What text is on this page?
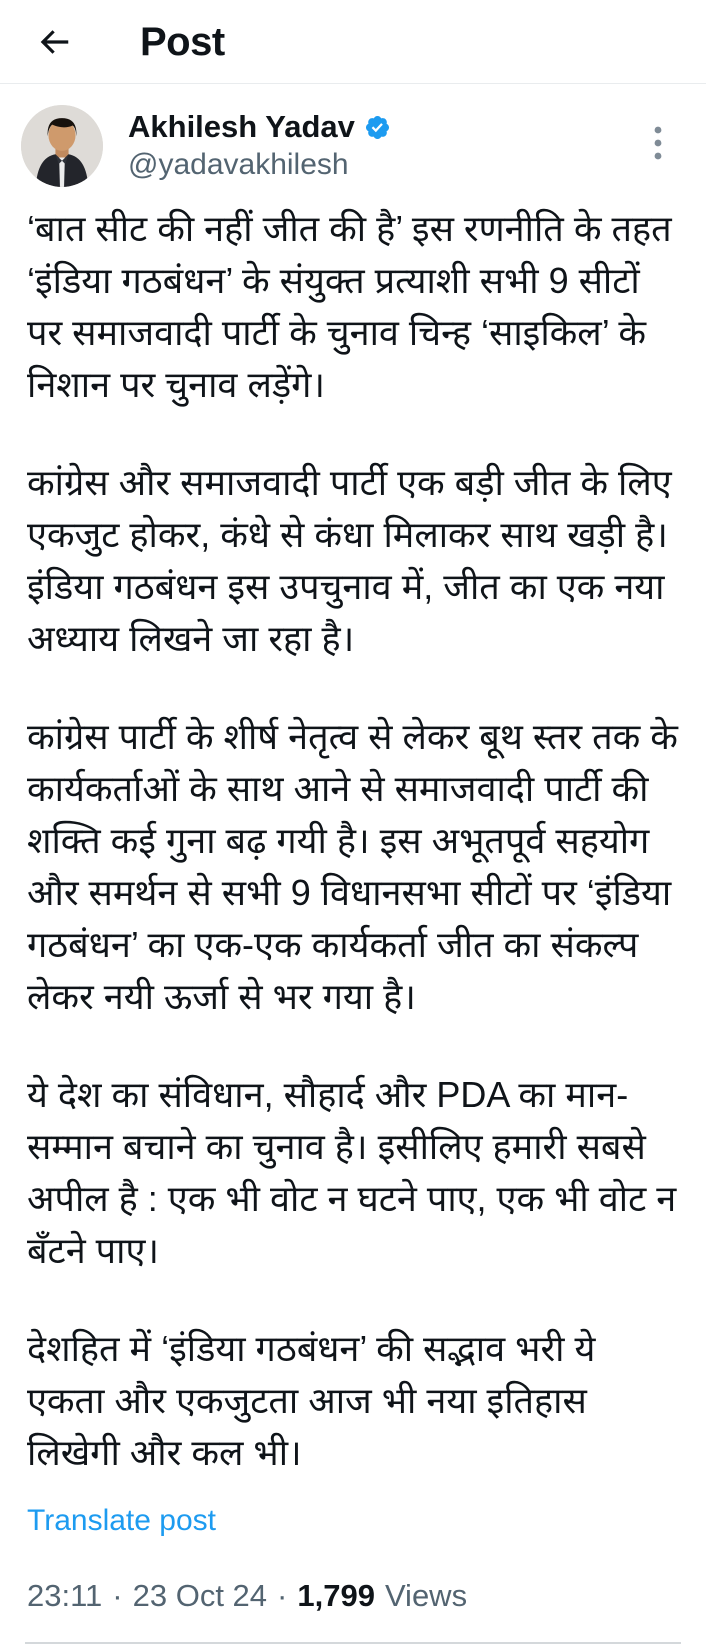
Post
Akhilesh Yadav
@yadavakhilesh

‘बात सीट की नहीं जीत की है’ इस रणनीति के तहत ‘इंडिया गठबंधन’ के संयुक्त प्रत्याशी सभी 9 सीटों पर समाजवादी पार्टी के चुनाव चिन्ह ‘साइकिल’ के निशान पर चुनाव लड़ेंगे।

कांग्रेस और समाजवादी पार्टी एक बड़ी जीत के लिए एकजुट होकर, कंधे से कंधा मिलाकर साथ खड़ी है। इंडिया गठबंधन इस उपचुनाव में, जीत का एक नया अध्याय लिखने जा रहा है।

कांग्रेस पार्टी के शीर्ष नेतृत्व से लेकर बूथ स्तर तक के कार्यकर्ताओं के साथ आने से समाजवादी पार्टी की शक्ति कई गुना बढ़ गयी है। इस अभूतपूर्व सहयोग और समर्थन से सभी 9 विधानसभा सीटों पर ‘इंडिया गठबंधन’ का एक-एक कार्यकर्ता जीत का संकल्प लेकर नयी ऊर्जा से भर गया है।

ये देश का संविधान, सौहार्द और PDA का मान-सम्मान बचाने का चुनाव है। इसीलिए हमारी सबसे अपील है : एक भी वोट न घटने पाए, एक भी वोट न बँटने पाए।

देशहित में ‘इंडिया गठबंधन’ की सद्भाव भरी ये एकता और एकजुटता आज भी नया इतिहास लिखेगी और कल भी।

Translate post
23:11 · 23 Oct 24 · 1,799 Views
